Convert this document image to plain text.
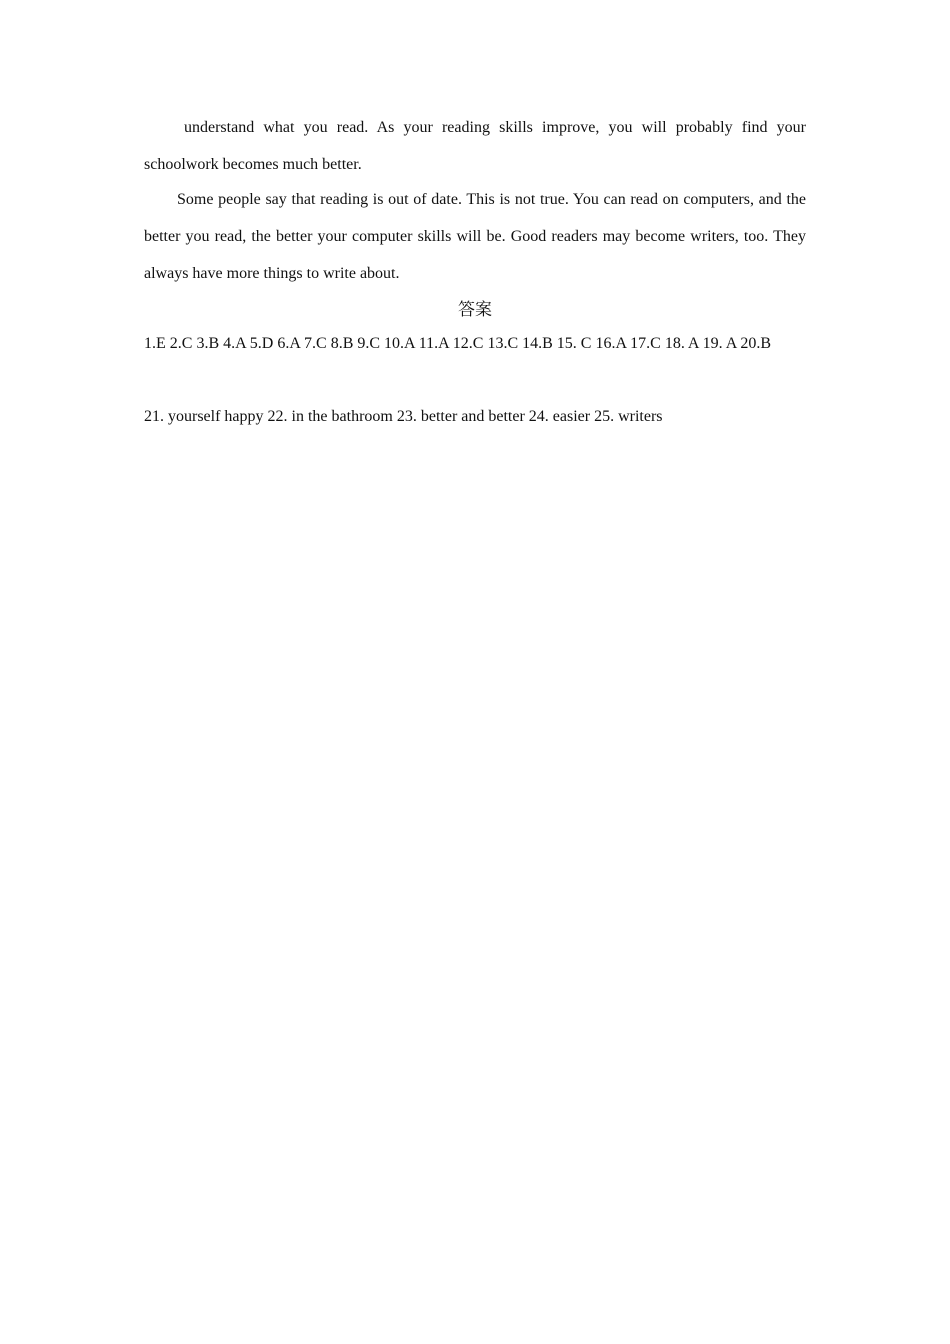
understand what you read. As your reading skills improve, you will probably find your schoolwork becomes much better.

Some people say that reading is out of date. This is not true. You can read on computers, and the better you read, the better your computer skills will be. Good readers may become writers, too. They always have more things to write about.

答案

1.E 2.C 3.B 4.A 5.D 6.A 7.C 8.B 9.C 10.A 11.A 12.C 13.C 14.B 15. C 16.A 17.C 18. A 19. A 20.B

21. yourself happy 22. in the bathroom 23. better and better 24. easier 25. writers
